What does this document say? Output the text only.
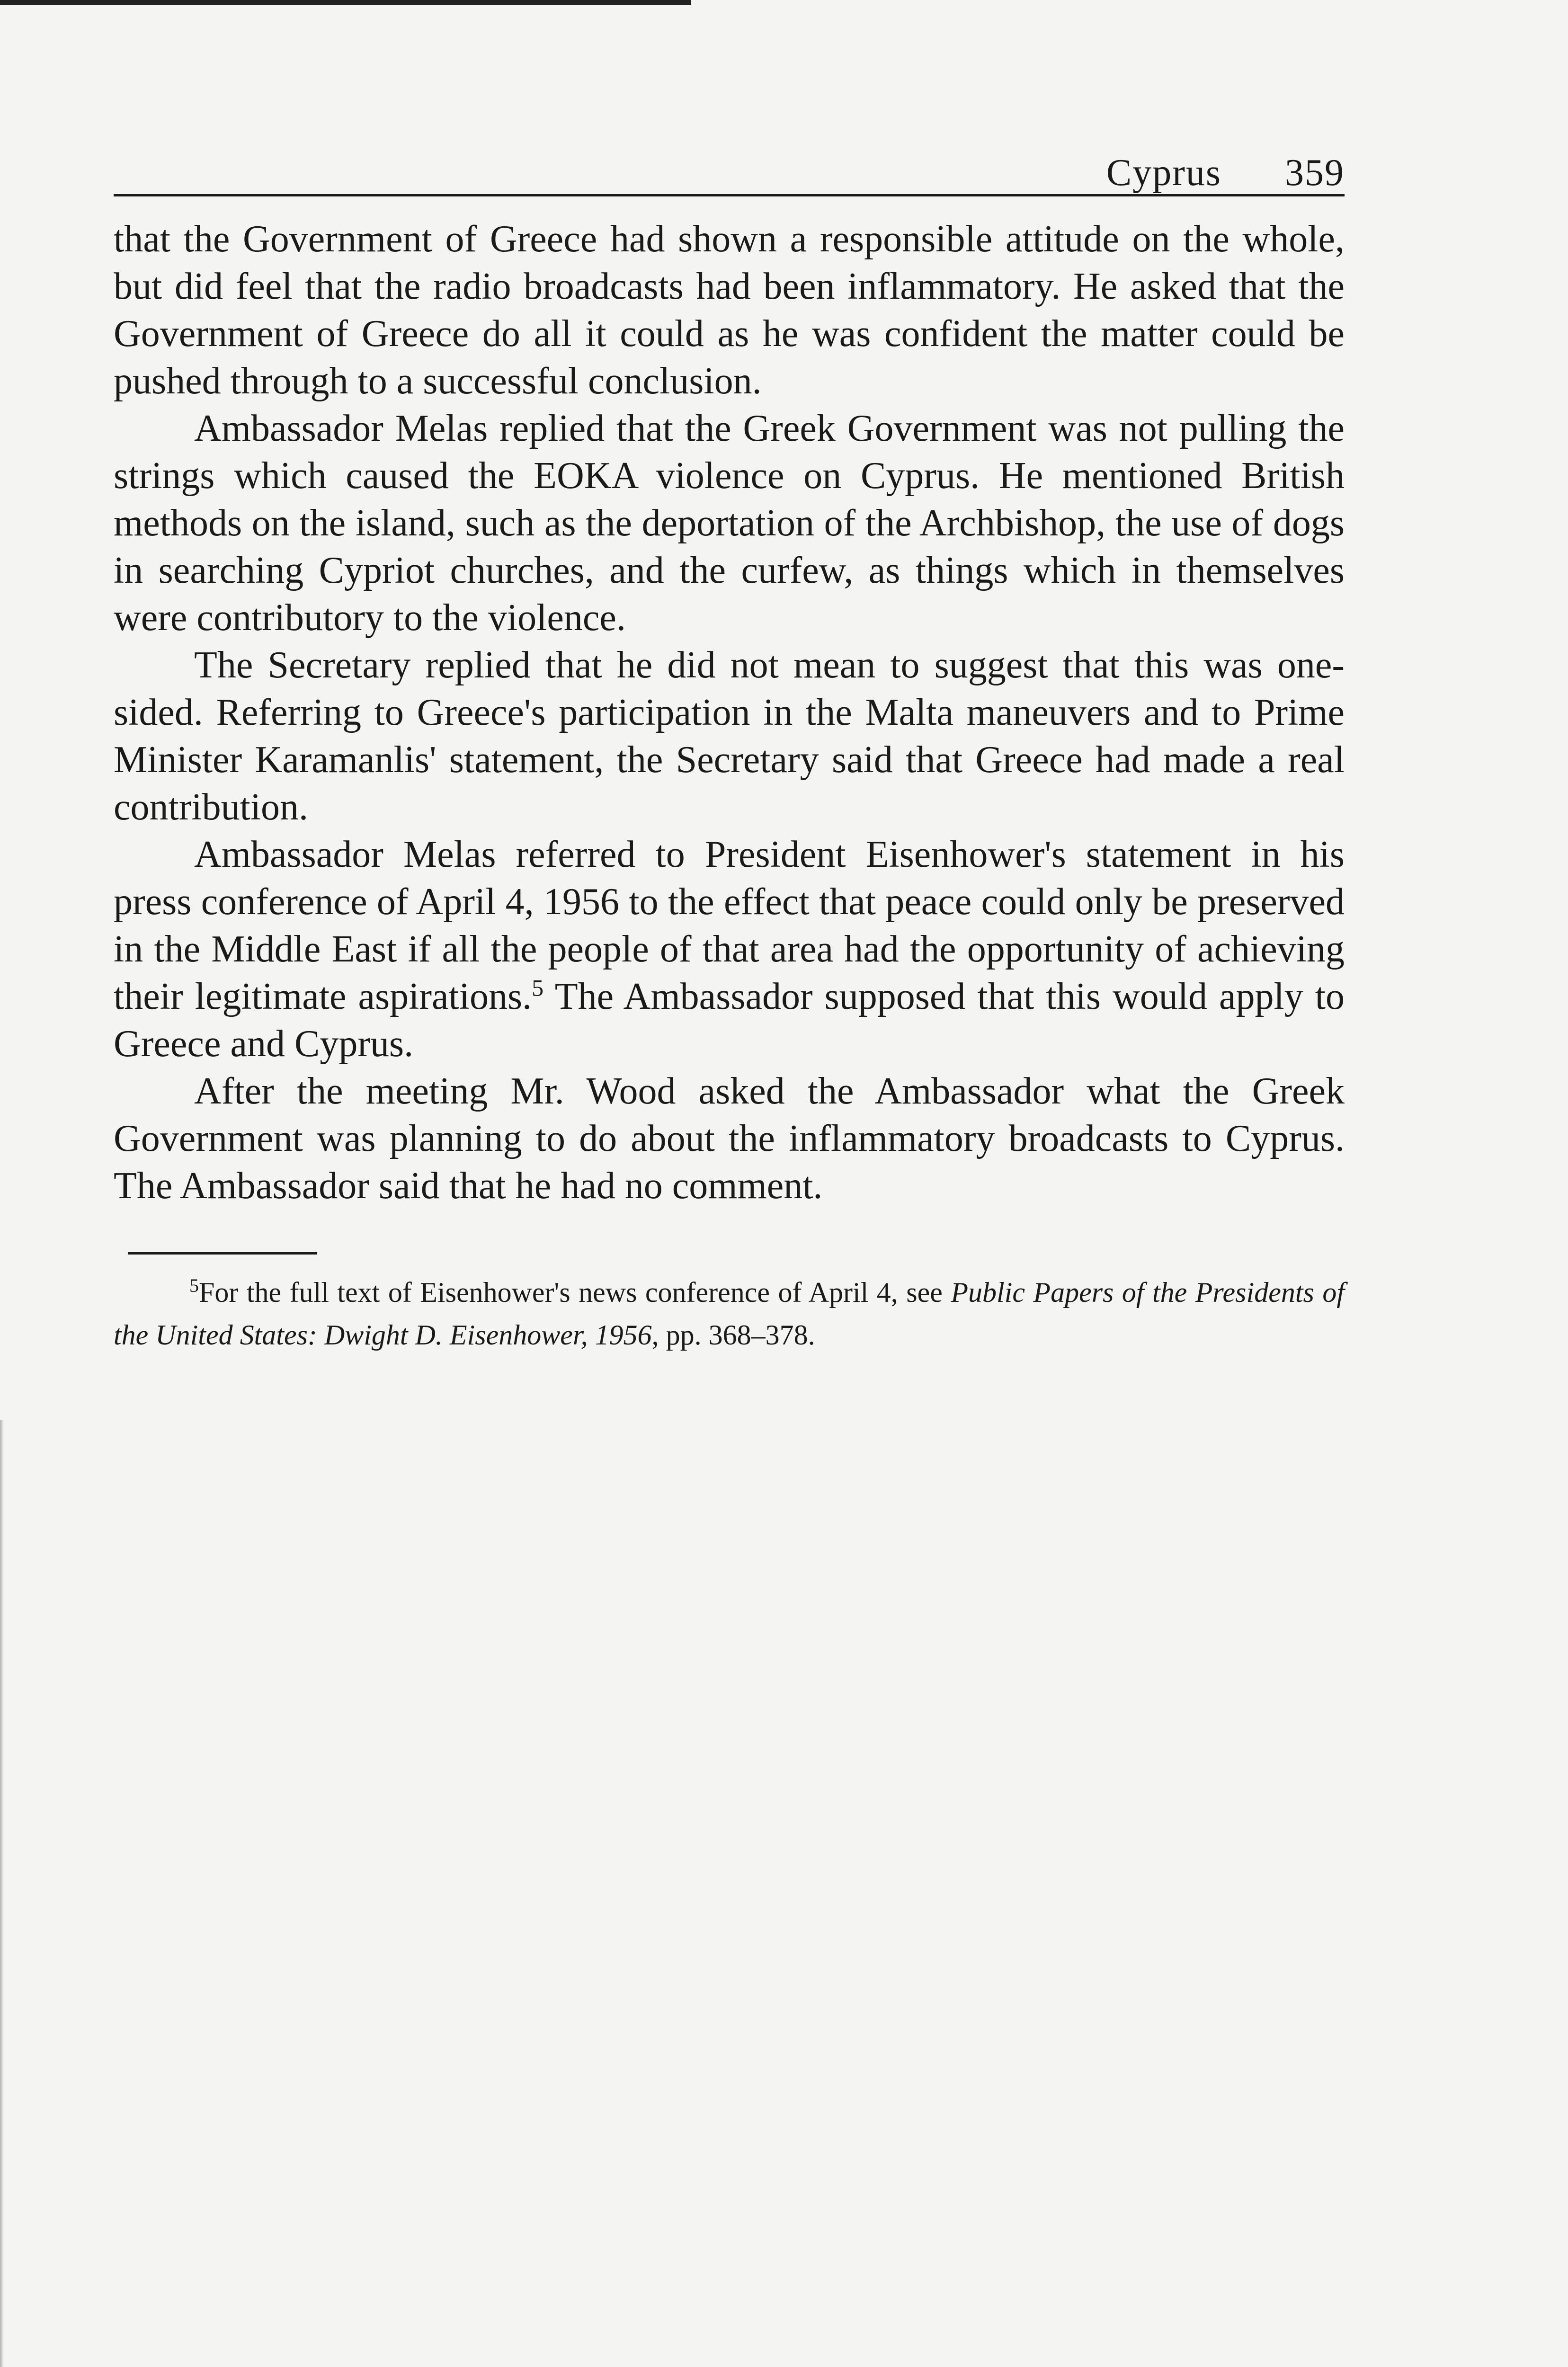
Cyprus 359

that the Government of Greece had shown a responsible attitude on the whole, but did feel that the radio broadcasts had been inflammatory. He asked that the Government of Greece do all it could as he was confident the matter could be pushed through to a successful conclusion.

Ambassador Melas replied that the Greek Government was not pulling the strings which caused the EOKA violence on Cyprus. He mentioned British methods on the island, such as the deportation of the Archbishop, the use of dogs in searching Cypriot churches, and the curfew, as things which in themselves were contributory to the violence.

The Secretary replied that he did not mean to suggest that this was one-sided. Referring to Greece's participation in the Malta maneuvers and to Prime Minister Karamanlis' statement, the Secretary said that Greece had made a real contribution.

Ambassador Melas referred to President Eisenhower's statement in his press conference of April 4, 1956 to the effect that peace could only be preserved in the Middle East if all the people of that area had the opportunity of achieving their legitimate aspirations.$^5$ The Ambassador supposed that this would apply to Greece and Cyprus.

After the meeting Mr. Wood asked the Ambassador what the Greek Government was planning to do about the inflammatory broadcasts to Cyprus. The Ambassador said that he had no comment.

$^5$For the full text of Eisenhower's news conference of April 4, see Public Papers of the Presidents of the United States: Dwight D. Eisenhower, 1956, pp. 368–378.
